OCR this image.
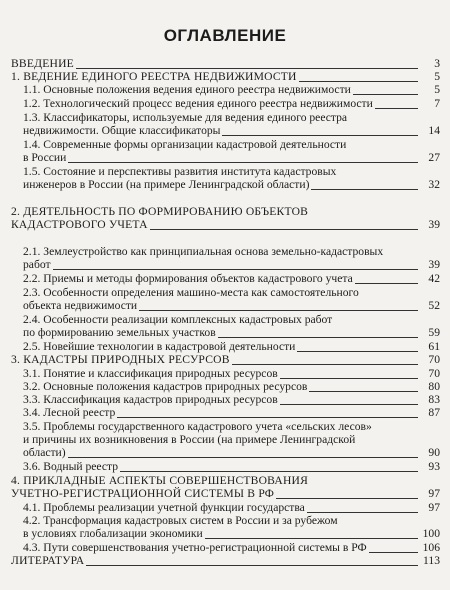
ОГЛАВЛЕНИЕ
ВВЕДЕНИЕ	3
1. ВЕДЕНИЕ ЕДИНОГО РЕЕСТРА НЕДВИЖИМОСТИ	5
1.1. Основные положения ведения единого реестра недвижимости	5
1.2. Технологический процесс ведения единого реестра недвижимости	7
1.3. Классификаторы, используемые для ведения единого реестра
недвижимости. Общие классификаторы	14
1.4. Современные формы организации кадастровой деятельности
в России	27
1.5. Состояние и перспективы развития института кадастровых
инженеров в России (на примере Ленинградской области)	32
2. ДЕЯТЕЛЬНОСТЬ ПО ФОРМИРОВАНИЮ ОБЪЕКТОВ
КАДАСТРОВОГО УЧЕТА	39
2.1. Землеустройство как принципиальная основа земельно-кадастровых
работ	39
2.2. Приемы и методы формирования объектов кадастрового учета	42
2.3. Особенности определения машино-места как самостоятельного
объекта недвижимости	52
2.4. Особенности реализации комплексных кадастровых работ
по формированию земельных участков	59
2.5. Новейшие технологии в кадастровой деятельности	61
3. КАДАСТРЫ ПРИРОДНЫХ РЕСУРСОВ	70
3.1. Понятие и классификация природных ресурсов	70
3.2. Основные положения кадастров природных ресурсов	80
3.3. Классификация кадастров природных ресурсов	83
3.4. Лесной реестр	87
3.5. Проблемы государственного кадастрового учета «сельских лесов»
и причины их возникновения в России (на примере Ленинградской
области)	90
3.6. Водный реестр	93
4. ПРИКЛАДНЫЕ АСПЕКТЫ СОВЕРШЕНСТВОВАНИЯ
УЧЕТНО-РЕГИСТРАЦИОННОЙ СИСТЕМЫ В РФ	97
4.1. Проблемы реализации учетной функции государства	97
4.2. Трансформация кадастровых систем в России и за рубежом
в условиях глобализации экономики	100
4.3. Пути совершенствования учетно-регистрационной системы в РФ	106
ЛИТЕРАТУРА	113
